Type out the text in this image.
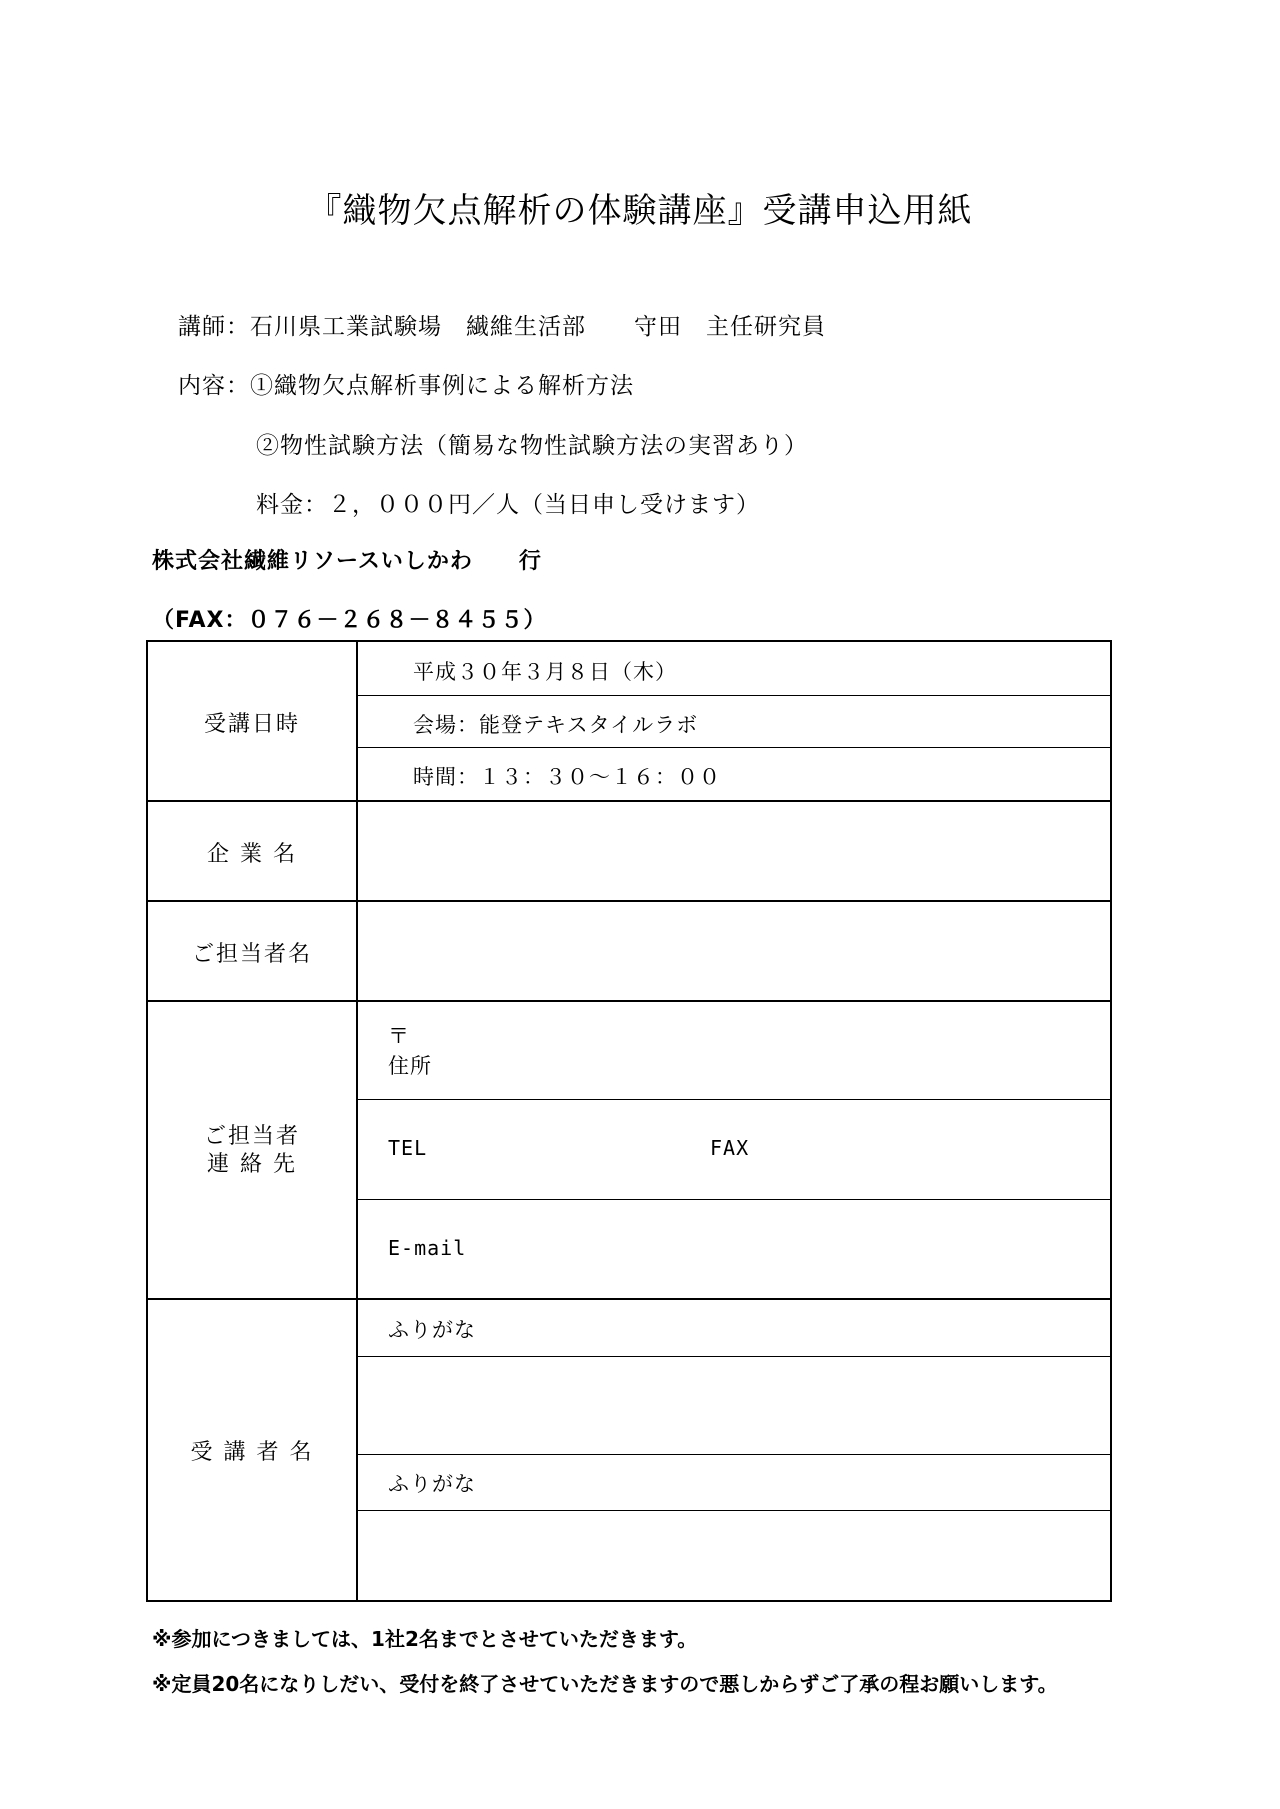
『織物欠点解析の体験講座』受講申込用紙
講師：石川県工業試験場　繊維生活部　　守田　主任研究員
内容：①織物欠点解析事例による解析方法
②物性試験方法（簡易な物性試験方法の実習あり）
料金：２，０００円／人（当日申し受けます）
株式会社繊維リソースいしかわ　　行
（FAX：０７６－２６８－８４５５）
受講日時
企 業 名
ご担当者名
ご担当者
連 絡 先
受 講 者 名
平成３０年３月８日（木）
会場：能登テキスタイルラボ
時間：１３：３０～１６：００
〒
住所
TEL	FAX
E-mail
ふりがな
ふりがな
※参加につきましては、1社2名までとさせていただきます。
※定員20名になりしだい、受付を終了させていただきますので悪しからずご了承の程お願いします。
